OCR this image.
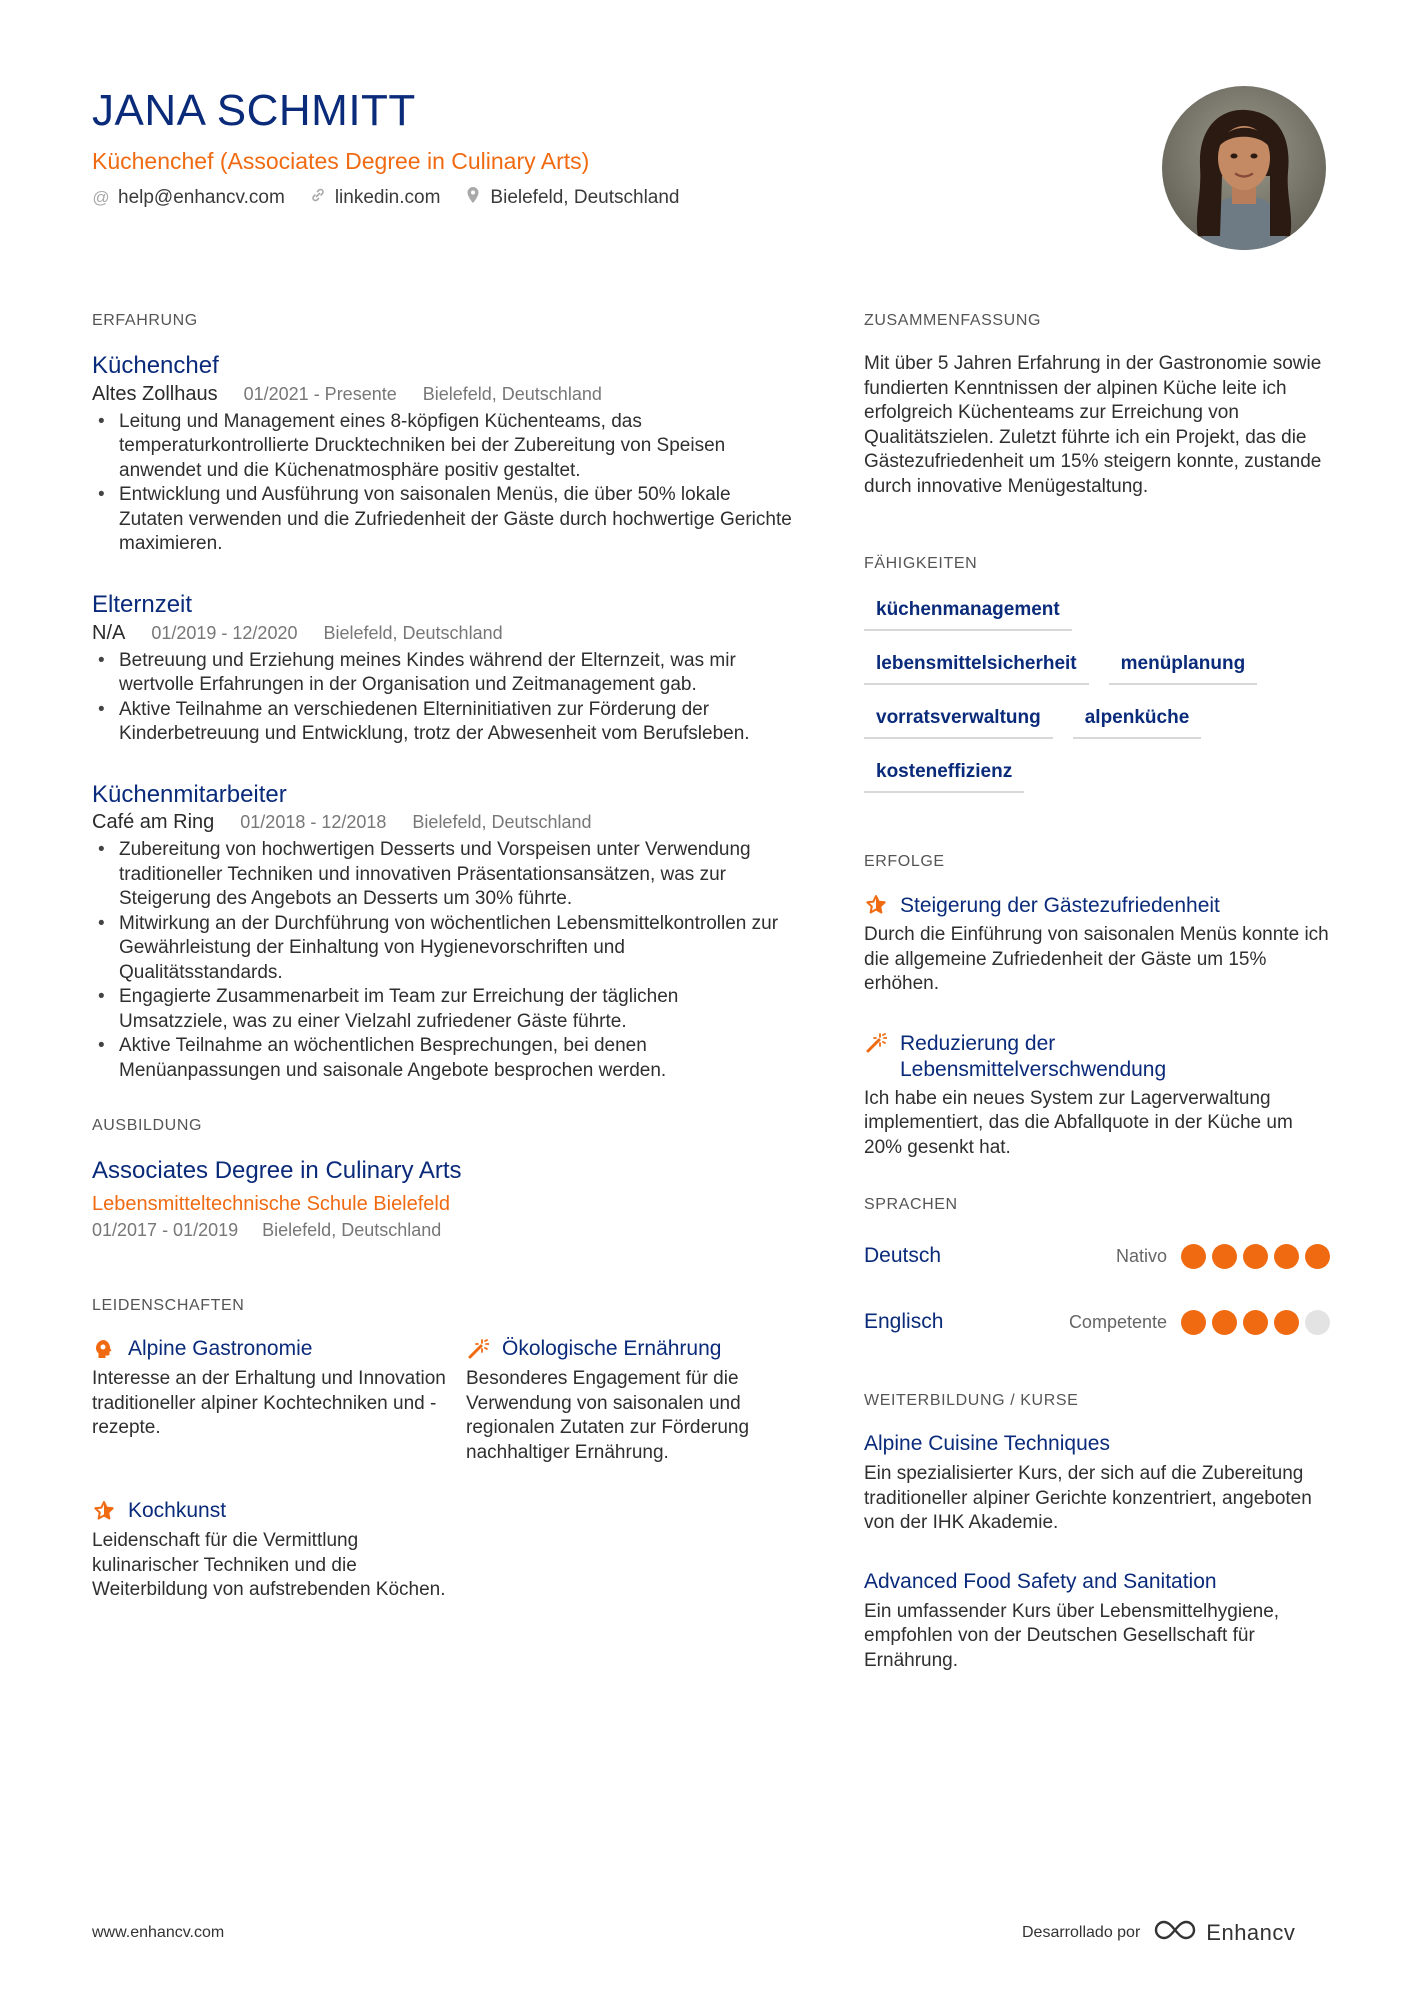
JANA SCHMITT
Küchenchef (Associates Degree in Culinary Arts)
@ help@enhancv.com	linkedin.com	Bielefeld, Deutschland
ERFAHRUNG
Küchenchef
Altes Zollhaus 01/2021 - Presente Bielefeld, Deutschland
• Leitung und Management eines 8-köpfigen Küchenteams, das temperaturkontrollierte Drucktechniken bei der Zubereitung von Speisen anwendet und die Küchenatmosphäre positiv gestaltet.
• Entwicklung und Ausführung von saisonalen Menüs, die über 50% lokale Zutaten verwenden und die Zufriedenheit der Gäste durch hochwertige Gerichte maximieren.
Elternzeit
N/A 01/2019 - 12/2020 Bielefeld, Deutschland
• Betreuung und Erziehung meines Kindes während der Elternzeit, was mir wertvolle Erfahrungen in der Organisation und Zeitmanagement gab.
• Aktive Teilnahme an verschiedenen Elterninitiativen zur Förderung der Kinderbetreuung und Entwicklung, trotz der Abwesenheit vom Berufsleben.
Küchenmitarbeiter
Café am Ring 01/2018 - 12/2018 Bielefeld, Deutschland
• Zubereitung von hochwertigen Desserts und Vorspeisen unter Verwendung traditioneller Techniken und innovativen Präsentationsansätzen, was zur Steigerung des Angebots an Desserts um 30% führte.
• Mitwirkung an der Durchführung von wöchentlichen Lebensmittelkontrollen zur Gewährleistung der Einhaltung von Hygienevorschriften und Qualitätsstandards.
• Engagierte Zusammenarbeit im Team zur Erreichung der täglichen Umsatzziele, was zu einer Vielzahl zufriedener Gäste führte.
• Aktive Teilnahme an wöchentlichen Besprechungen, bei denen Menüanpassungen und saisonale Angebote besprochen werden.
AUSBILDUNG
Associates Degree in Culinary Arts
Lebensmitteltechnische Schule Bielefeld
01/2017 - 01/2019 Bielefeld, Deutschland
LEIDENSCHAFTEN
Alpine Gastronomie
Interesse an der Erhaltung und Innovation traditioneller alpiner Kochtechniken und -rezepte.
Ökologische Ernährung
Besonderes Engagement für die Verwendung von saisonalen und regionalen Zutaten zur Förderung nachhaltiger Ernährung.
Kochkunst
Leidenschaft für die Vermittlung kulinarischer Techniken und die Weiterbildung von aufstrebenden Köchen.
ZUSAMMENFASSUNG
Mit über 5 Jahren Erfahrung in der Gastronomie sowie fundierten Kenntnissen der alpinen Küche leite ich erfolgreich Küchenteams zur Erreichung von Qualitätszielen. Zuletzt führte ich ein Projekt, das die Gästezufriedenheit um 15% steigern konnte, zustande durch innovative Menügestaltung.
FÄHIGKEITEN
küchenmanagement
lebensmittelsicherheit	menüplanung
vorratsverwaltung	alpenküche
kosteneffizienz
ERFOLGE
Steigerung der Gästezufriedenheit
Durch die Einführung von saisonalen Menüs konnte ich die allgemeine Zufriedenheit der Gäste um 15% erhöhen.
Reduzierung der Lebensmittelverschwendung
Ich habe ein neues System zur Lagerverwaltung implementiert, das die Abfallquote in der Küche um 20% gesenkt hat.
SPRACHEN
Deutsch	Nativo
Englisch	Competente
WEITERBILDUNG / KURSE
Alpine Cuisine Techniques
Ein spezialisierter Kurs, der sich auf die Zubereitung traditioneller alpiner Gerichte konzentriert, angeboten von der IHK Akademie.
Advanced Food Safety and Sanitation
Ein umfassender Kurs über Lebensmittelhygiene, empfohlen von der Deutschen Gesellschaft für Ernährung.
www.enhancv.com	Desarrollado por	Enhancv
